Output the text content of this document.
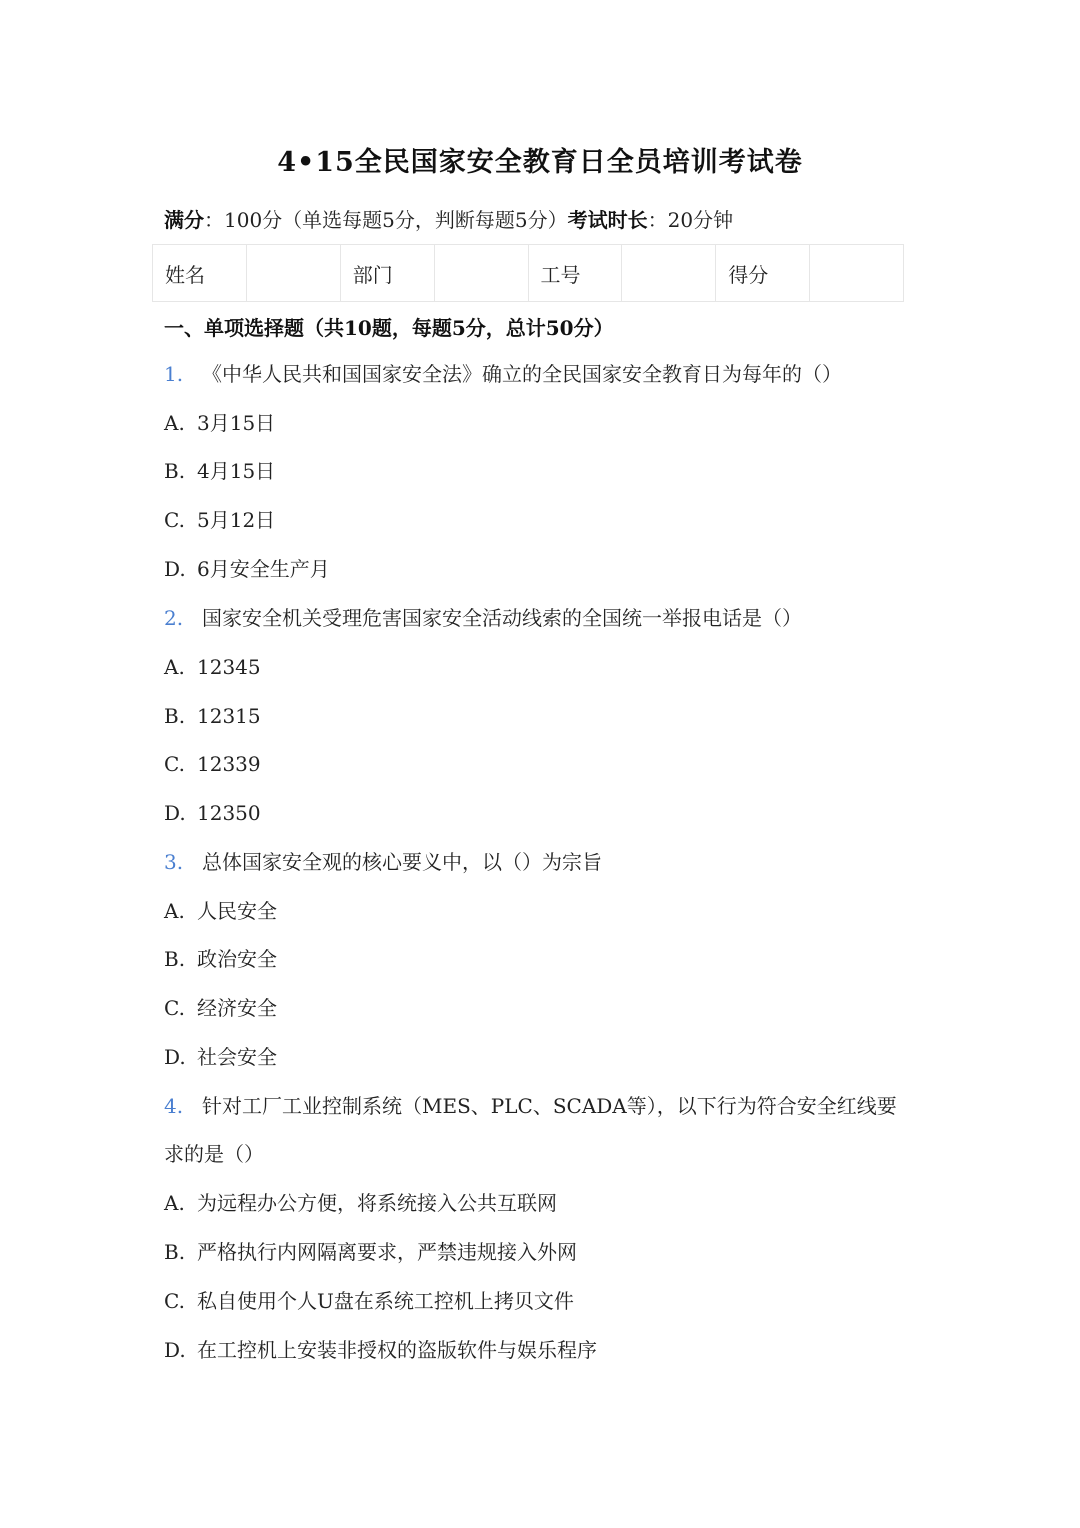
4•15全民国家安全教育日全员培训考试卷
满分：100分（单选每题5分，判断每题5分）考试时长：20分钟
姓名		部门		工号		得分	
一、单项选择题（共10题，每题5分，总计50分）
1. 《中华人民共和国国家安全法》确立的全民国家安全教育日为每年的（）
A. 3月15日
B. 4月15日
C. 5月12日
D. 6月安全生产月
2. 国家安全机关受理危害国家安全活动线索的全国统一举报电话是（）
A. 12345
B. 12315
C. 12339
D. 12350
3. 总体国家安全观的核心要义中，以（）为宗旨
A. 人民安全
B. 政治安全
C. 经济安全
D. 社会安全
4. 针对工厂工业控制系统（MES、PLC、SCADA等），以下行为符合安全红线要
求的是（）
A. 为远程办公方便，将系统接入公共互联网
B. 严格执行内网隔离要求，严禁违规接入外网
C. 私自使用个人U盘在系统工控机上拷贝文件
D. 在工控机上安装非授权的盗版软件与娱乐程序
